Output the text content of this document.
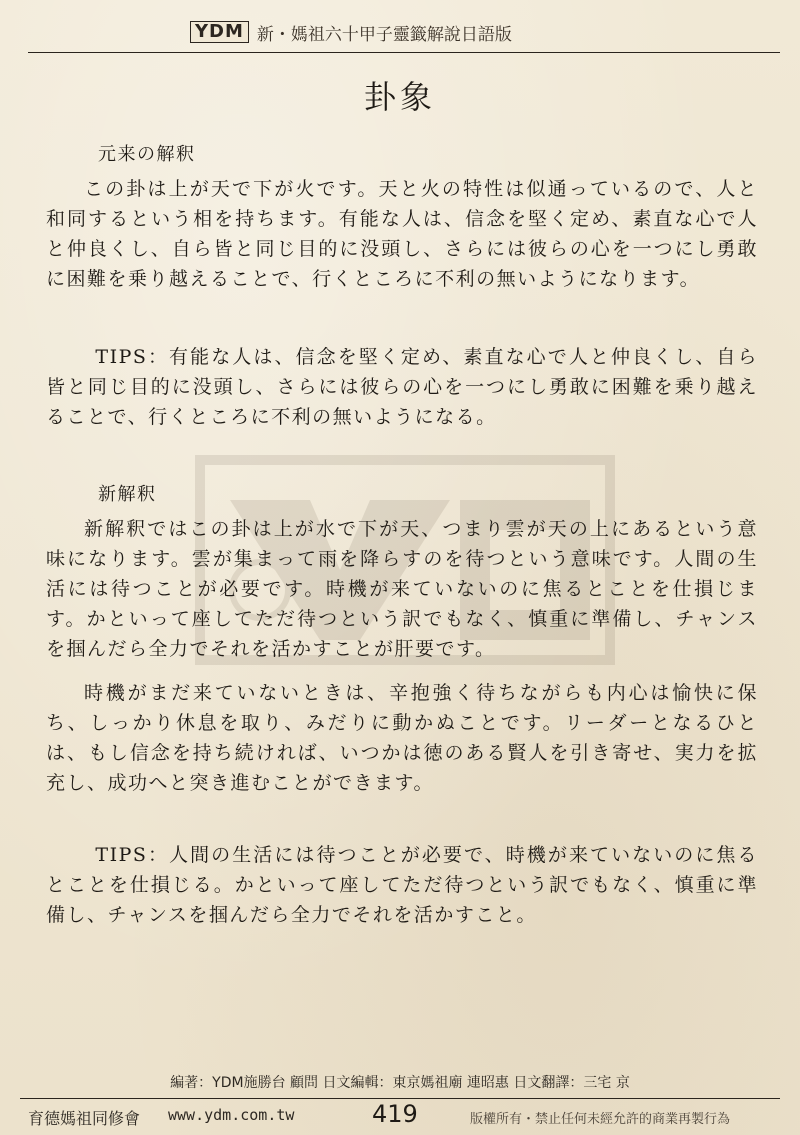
YDM 新・媽祖六十甲子靈籤解說日語版
卦象
元来の解釈

この卦は上が天で下が火です。天と火の特性は似通っているので、人と和同するという相を持ちます。有能な人は、信念を堅く定め、素直な心で人と仲良くし、自ら皆と同じ目的に没頭し、さらには彼らの心を一つにし勇敢に困難を乗り越えることで、行くところに不利の無いようになります。

TIPS：有能な人は、信念を堅く定め、素直な心で人と仲良くし、自ら皆と同じ目的に没頭し、さらには彼らの心を一つにし勇敢に困難を乗り越えることで、行くところに不利の無いようになる。

新解釈

新解釈ではこの卦は上が水で下が天、つまり雲が天の上にあるという意味になります。雲が集まって雨を降らすのを待つという意味です。人間の生活には待つことが必要です。時機が来ていないのに焦るとことを仕損じます。かといって座してただ待つという訳でもなく、慎重に準備し、チャンスを掴んだら全力でそれを活かすことが肝要です。

時機がまだ来ていないときは、辛抱強く待ちながらも内心は愉快に保ち、しっかり休息を取り、みだりに動かぬことです。リーダーとなるひとは、もし信念を持ち続ければ、いつかは徳のある賢人を引き寄せ、実力を拡充し、成功へと突き進むことができます。

TIPS：人間の生活には待つことが必要で、時機が来ていないのに焦るとことを仕損じる。かといって座してただ待つという訳でもなく、慎重に準備し、チャンスを掴んだら全力でそれを活かすこと。

編著：YDM施勝台 顧問 日文編輯：東京媽祖廟 連昭惠 日文翻譯：三宅 京
育德媽祖同修會 www.ydm.com.tw	419	版權所有・禁止任何未經允許的商業再製行為
